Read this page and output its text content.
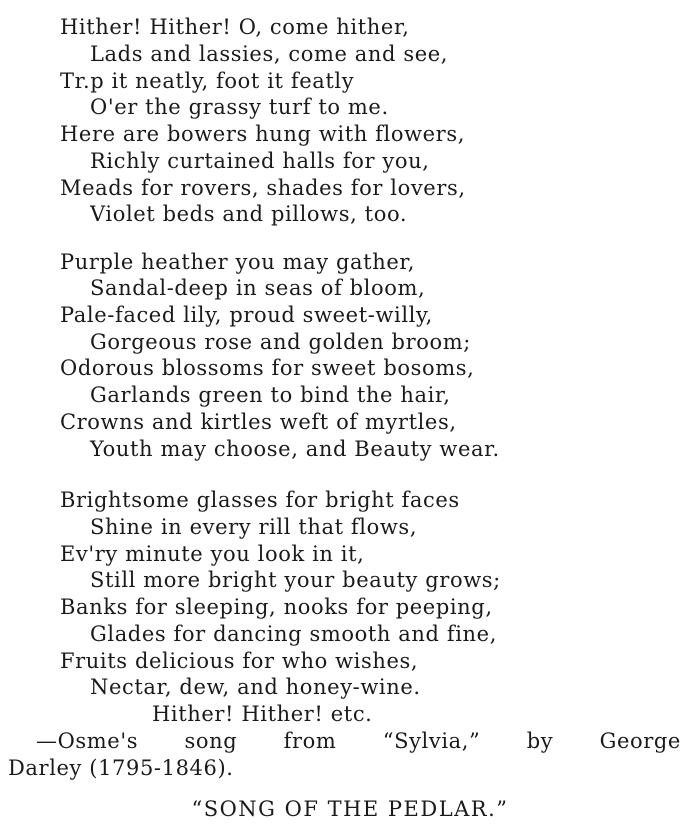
Hither! Hither! O, come hither,
Lads and lassies, come and see,
Tr.p it neatly, foot it featly
O'er the grassy turf to me.
Here are bowers hung with flowers,
Richly curtained halls for you,
Meads for rovers, shades for lovers,
Violet beds and pillows, too.
Purple heather you may gather,
Sandal-deep in seas of bloom,
Pale-faced lily, proud sweet-willy,
Gorgeous rose and golden broom;
Odorous blossoms for sweet bosoms,
Garlands green to bind the hair,
Crowns and kirtles weft of myrtles,
Youth may choose, and Beauty wear.
Brightsome glasses for bright faces
Shine in every rill that flows,
Ev'ry minute you look in it,
Still more bright your beauty grows;
Banks for sleeping, nooks for peeping,
Glades for dancing smooth and fine,
Fruits delicious for who wishes,
Nectar, dew, and honey-wine.
Hither! Hither! etc.
—Osme's song from “Sylvia,” by George
Darley (1795-1846).
“SONG OF THE PEDLAR.”
